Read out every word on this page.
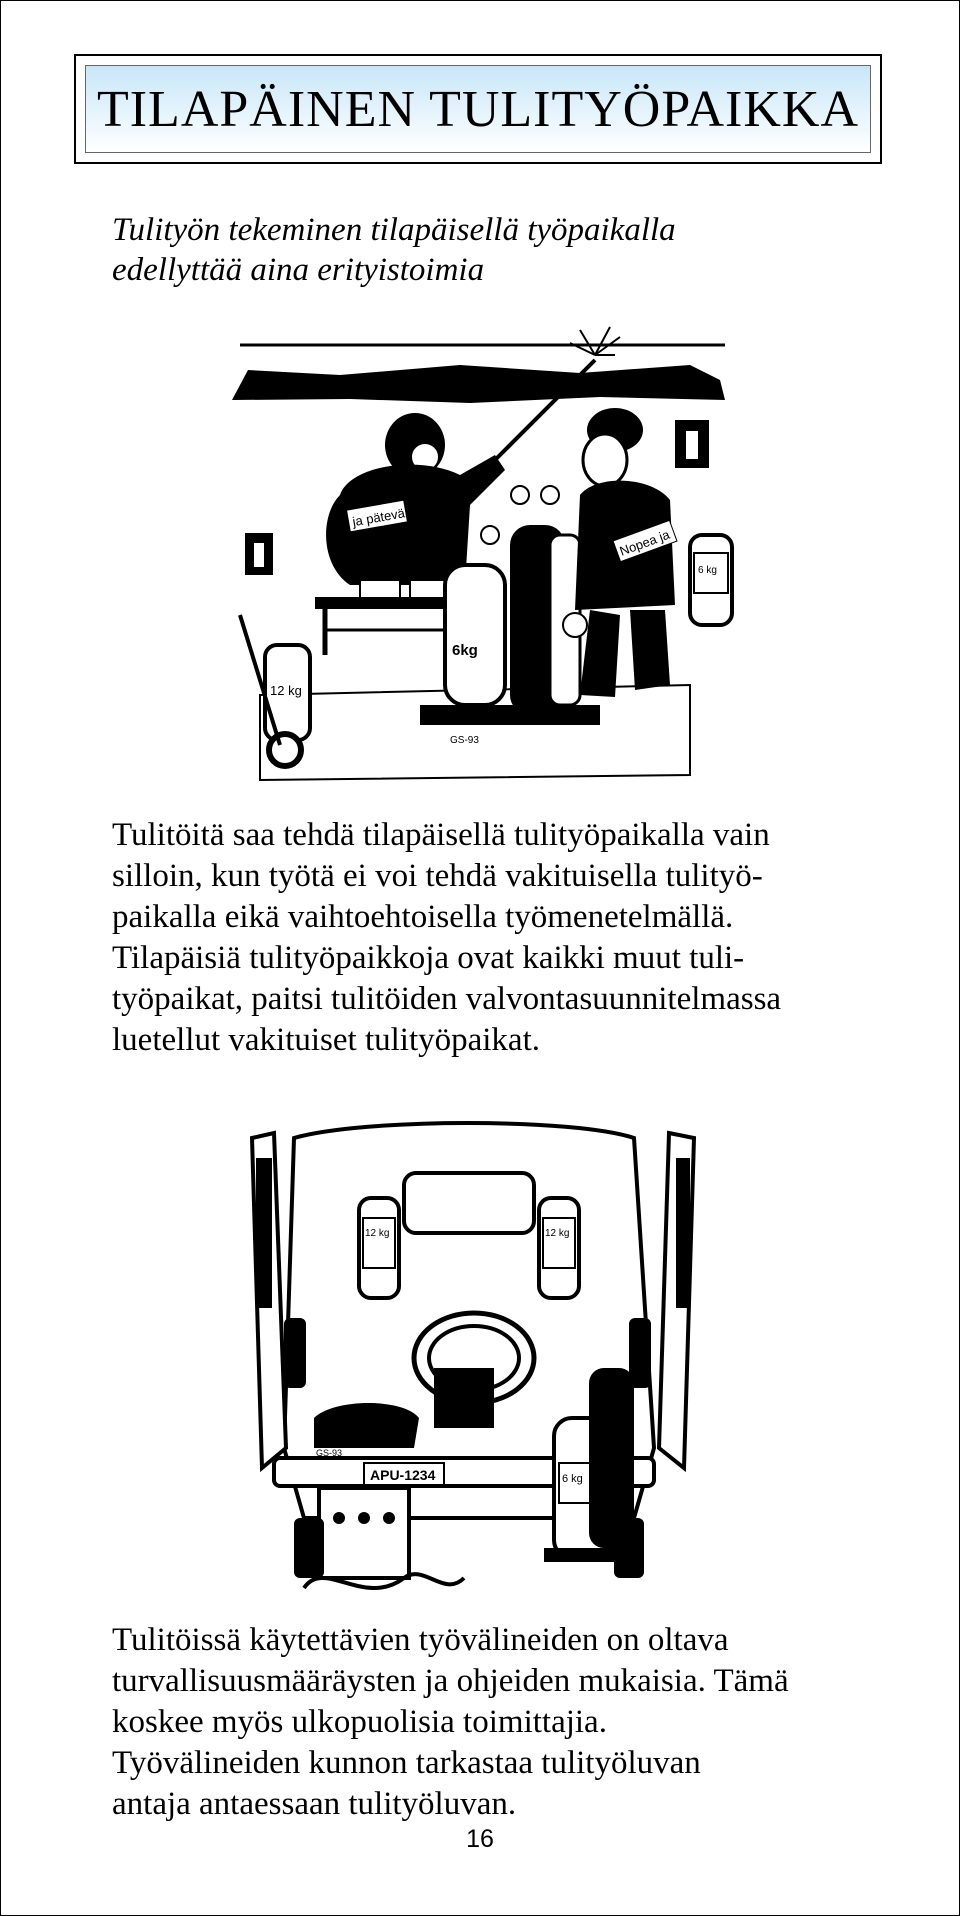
TILAPÄINEN TULITYÖPAIKKA
Tulityön tekeminen tilapäisellä työpaikalla
edellyttää aina erityistoimia
ja pätevä
12 kg
6kg
GS-93
Nopea ja
6 kg
Tulitöitä saa tehdä tilapäisellä tulityöpaikalla vain
silloin, kun työtä ei voi tehdä vakituisella tulityö-
paikalla eikä vaihtoehtoisella työmenetelmällä.
Tilapäisiä tulityöpaikkoja ovat kaikki muut tuli-
työpaikat, paitsi tulitöiden valvontasuunnitelmassa
luetellut vakituiset tulityöpaikat.
12 kg	12 kg
APU-1234
GS-93
6 kg
Tulitöissä käytettävien työvälineiden on oltava
turvallisuusmääräysten ja ohjeiden mukaisia. Tämä
koskee myös ulkopuolisia toimittajia.
Työvälineiden kunnon tarkastaa tulityöluvan
antaja antaessaan tulityöluvan.
16
